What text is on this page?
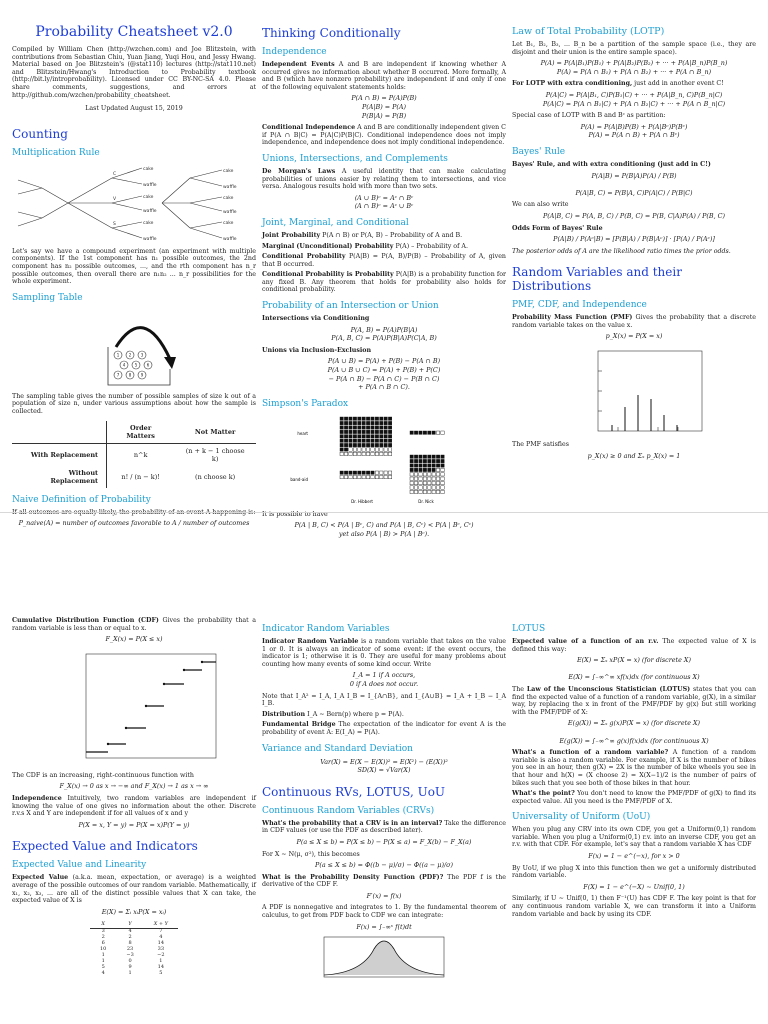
Probability Cheatsheet v2.0
Compiled by William Chen (http://wzchen.com) and Joe Blitzstein, with contributions from Sebastian Chiu, Yuan Jiang, Yuqi Hou, and Jessy Hwang. Material based on Joe Blitzstein's (@stat110) lectures (http://stat110.net) and Blitzstein/Hwang's Introduction to Probability textbook (http://bit.ly/introprobability). Licensed under CC BY-NC-SA 4.0. Please share comments, suggestions, and errors at http://github.com/wzchen/probability_cheatsheet.
Last Updated August 15, 2019
Counting
Multiplication Rule
C
V
S
cake
waffle
cake
waffle
cake
waffle
cake
waffle
cake
waffle
cake
waffle
Let's say we have a compound experiment (an experiment with multiple components). If the 1st component has n₁ possible outcomes, the 2nd component has n₂ possible outcomes, ..., and the rth component has n_r possible outcomes, then overall there are n₁n₂ ... n_r possibilities for the whole experiment.
Sampling Table
1 2 3
4 5 6
7 8 9
The sampling table gives the number of possible samples of size k out of a population of size n, under various assumptions about how the sample is collected.
	Order Matters	Not Matter
With Replacement	n^k	(n + k − 1 choose k)
Without Replacement	n! / (n − k)!	(n choose k)
Naive Definition of Probability
If all outcomes are equally likely, the probability of an event A happening is:
P_naive(A) = number of outcomes favorable to A / number of outcomes
Thinking Conditionally
Independence
Independent Events A and B are independent if knowing whether A occurred gives no information about whether B occurred. More formally, A and B (which have nonzero probability) are independent if and only if one of the following equivalent statements holds:
P(A ∩ B) = P(A)P(B)
P(A|B) = P(A)
P(B|A) = P(B)
Conditional Independence A and B are conditionally independent given C if P(A ∩ B|C) = P(A|C)P(B|C). Conditional independence does not imply independence, and independence does not imply conditional independence.
Unions, Intersections, and Complements
De Morgan's Laws A useful identity that can make calculating probabilities of unions easier by relating them to intersections, and vice versa. Analogous results hold with more than two sets.
(A ∪ B)ᶜ = Aᶜ ∩ Bᶜ
(A ∩ B)ᶜ = Aᶜ ∪ Bᶜ
Joint, Marginal, and Conditional
Joint Probability P(A ∩ B) or P(A, B) – Probability of A and B.
Marginal (Unconditional) Probability P(A) – Probability of A.
Conditional Probability P(A|B) = P(A, B)/P(B) – Probability of A, given that B occurred.
Conditional Probability is Probability P(A|B) is a probability function for any fixed B. Any theorem that holds for probability also holds for conditional probability.
Probability of an Intersection or Union
Intersections via Conditioning
P(A, B) = P(A)P(B|A)
P(A, B, C) = P(A)P(B|A)P(C|A, B)
Unions via Inclusion-Exclusion
P(A ∪ B) = P(A) + P(B) − P(A ∩ B)
P(A ∪ B ∪ C) = P(A) + P(B) + P(C)
− P(A ∩ B) − P(A ∩ C) − P(B ∩ C)
+ P(A ∩ B ∩ C).
Simpson's Paradox
heart
band-aid
Dr. Hibbert	Dr. Nick
It is possible to have
P(A | B, C) < P(A | Bᶜ, C) and P(A | B, Cᶜ) < P(A | Bᶜ, Cᶜ)
yet also P(A | B) > P(A | Bᶜ).
Law of Total Probability (LOTP)
Let B₁, B₂, B₃, ... B_n be a partition of the sample space (i.e., they are disjoint and their union is the entire sample space).
P(A) = P(A|B₁)P(B₁) + P(A|B₂)P(B₂) + ··· + P(A|B_n)P(B_n)
P(A) = P(A ∩ B₁) + P(A ∩ B₂) + ··· + P(A ∩ B_n)
For LOTP with extra conditioning, just add in another event C!
P(A|C) = P(A|B₁, C)P(B₁|C) + ··· + P(A|B_n, C)P(B_n|C)
P(A|C) = P(A ∩ B₁|C) + P(A ∩ B₂|C) + ··· + P(A ∩ B_n|C)
Special case of LOTP with B and Bᶜ as partition:
P(A) = P(A|B)P(B) + P(A|Bᶜ)P(Bᶜ)
P(A) = P(A ∩ B) + P(A ∩ Bᶜ)
Bayes' Rule
Bayes' Rule, and with extra conditioning (just add in C!)
P(A|B) = P(B|A)P(A) / P(B)

P(A|B, C) = P(B|A, C)P(A|C) / P(B|C)
We can also write
P(A|B, C) = P(A, B, C) / P(B, C) = P(B, C|A)P(A) / P(B, C)
Odds Form of Bayes' Rule
P(A|B) / P(Aᶜ|B) = [P(B|A) / P(B|Aᶜ)] · [P(A) / P(Aᶜ)]
The posterior odds of A are the likelihood ratio times the prior odds.
Random Variables and their Distributions
PMF, CDF, and Independence
Probability Mass Function (PMF) Gives the probability that a discrete random variable takes on the value x.
p_X(x) = P(X = x)
The PMF satisfies
p_X(x) ≥ 0 and Σₓ p_X(x) = 1
Cumulative Distribution Function (CDF) Gives the probability that a random variable is less than or equal to x.
F_X(x) = P(X ≤ x)
The CDF is an increasing, right-continuous function with
F_X(x) → 0 as x → −∞ and F_X(x) → 1 as x → ∞
Independence Intuitively, two random variables are independent if knowing the value of one gives no information about the other. Discrete r.v.s X and Y are independent if for all values of x and y
P(X = x, Y = y) = P(X = x)P(Y = y)
Expected Value and Indicators
Expected Value and Linearity
Expected Value (a.k.a. mean, expectation, or average) is a weighted average of the possible outcomes of our random variable. Mathematically, if x₁, x₂, x₃, ... are all of the distinct possible values that X can take, the expected value of X is
E(X) = Σᵢ xᵢP(X = xᵢ)
X	Y	X + Y
3	4	7
2	2	4
6	8	14
10	23	33
1	−3	−2
1	0	1
5	9	14
4	1	5
Indicator Random Variables
Indicator Random Variable is a random variable that takes on the value 1 or 0. It is always an indicator of some event: if the event occurs, the indicator is 1; otherwise it is 0. They are useful for many problems about counting how many events of some kind occur. Write
I_A = 1 if A occurs,
0 if A does not occur.
Note that I_A² = I_A, I_A I_B = I_{A∩B}, and I_{A∪B} = I_A + I_B − I_A I_B.
Distribution I_A ∼ Bern(p) where p = P(A).
Fundamental Bridge The expectation of the indicator for event A is the probability of event A: E(I_A) = P(A).
Variance and Standard Deviation
Var(X) = E(X − E(X))² = E(X²) − (E(X))²
SD(X) = √Var(X)
Continuous RVs, LOTUS, UoU
Continuous Random Variables (CRVs)
What's the probability that a CRV is in an interval? Take the difference in CDF values (or use the PDF as described later).
P(a ≤ X ≤ b) = P(X ≤ b) − P(X ≤ a) = F_X(b) − F_X(a)
For X ∼ N(μ, σ²), this becomes
P(a ≤ X ≤ b) = Φ((b − μ)/σ) − Φ((a − μ)/σ)
What is the Probability Density Function (PDF)? The PDF f is the derivative of the CDF F.
F′(x) = f(x)
A PDF is nonnegative and integrates to 1. By the fundamental theorem of calculus, to get from PDF back to CDF we can integrate:
F(x) = ∫₋∞ˣ f(t)dt
LOTUS
Expected value of a function of an r.v. The expected value of X is defined this way:
E(X) = Σₓ xP(X = x) (for discrete X)

E(X) = ∫₋∞^∞ xf(x)dx (for continuous X)
The Law of the Unconscious Statistician (LOTUS) states that you can find the expected value of a function of a random variable, g(X), in a similar way, by replacing the x in front of the PMF/PDF by g(x) but still working with the PMF/PDF of X:
E(g(X)) = Σₓ g(x)P(X = x) (for discrete X)

E(g(X)) = ∫₋∞^∞ g(x)f(x)dx (for continuous X)
What's a function of a random variable? A function of a random variable is also a random variable. For example, if X is the number of bikes you see in an hour, then g(X) = 2X is the number of bike wheels you see in that hour and h(X) = (X choose 2) = X(X−1)/2 is the number of pairs of bikes such that you see both of those bikes in that hour.
What's the point? You don't need to know the PMF/PDF of g(X) to find its expected value. All you need is the PMF/PDF of X.
Universality of Uniform (UoU)
When you plug any CRV into its own CDF, you get a Uniform(0,1) random variable. When you plug a Uniform(0,1) r.v. into an inverse CDF, you get an r.v. with that CDF. For example, let's say that a random variable X has CDF
F(x) = 1 − e^(−x), for x > 0
By UoU, if we plug X into this function then we get a uniformly distributed random variable.
F(X) = 1 − e^(−X) ∼ Unif(0, 1)
Similarly, if U ∼ Unif(0, 1) then F⁻¹(U) has CDF F. The key point is that for any continuous random variable X, we can transform it into a Uniform random variable and back by using its CDF.
